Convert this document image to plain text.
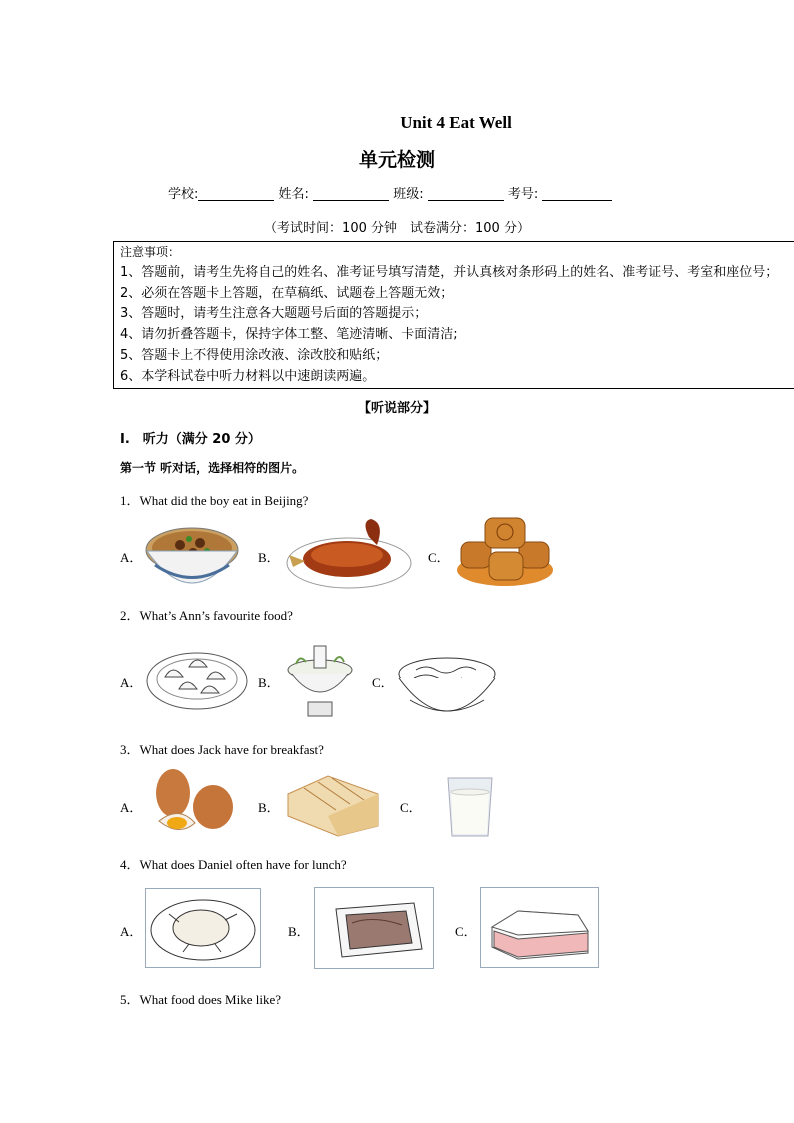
Unit 4 Eat Well
单元检测
学校:	姓名:	班级:	考号:
（考试时间：100 分钟　试卷满分：100 分）
注意事项：
1、答题前，请考生先将自己的姓名、准考证号填写清楚，并认真核对条形码上的姓名、准考证号、考室和座位号；
2、必须在答题卡上答题，在草稿纸、试题卷上答题无效；
3、答题时，请考生注意各大题题号后面的答题提示；
4、请勿折叠答题卡，保持字体工整、笔迹清晰、卡面清洁;
5、答题卡上不得使用涂改液、涂改胶和贴纸；
6、本学科试卷中听力材料以中速朗读两遍。
【听说部分】
I.　听力（满分 20 分）
第一节 听对话，选择相符的图片。
1．What did the boy eat in Beijing?
A．	B．	C．
2．What’s Ann’s favourite food?
A．	B．	C．
3．What does Jack have for breakfast?
A．	B．	C．
4．What does Daniel often have for lunch?
A．	B．	C．
5．What food does Mike like?
